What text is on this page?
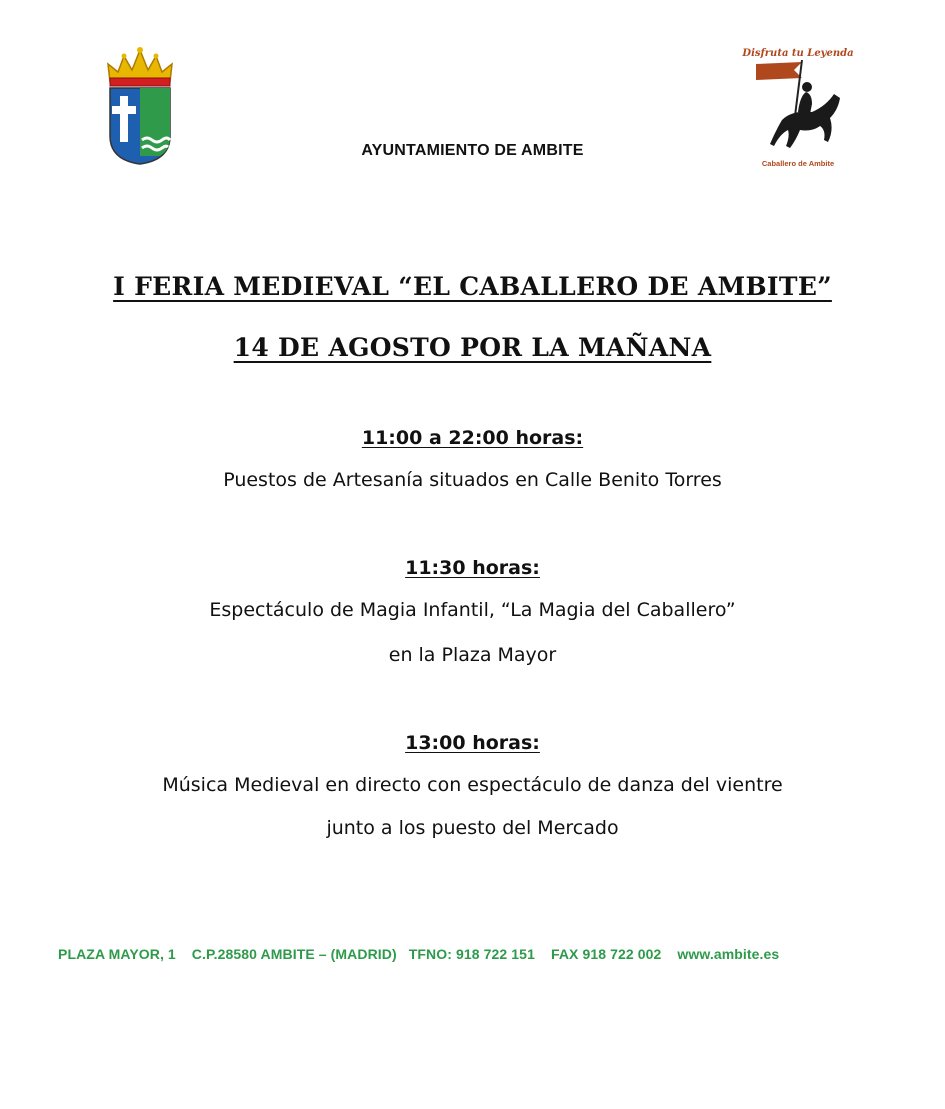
Disfruta tu Leyenda
Caballero de Ambite
AYUNTAMIENTO DE AMBITE
I FERIA MEDIEVAL “EL CABALLERO DE AMBITE”
14 DE AGOSTO POR LA MAÑANA
11:00 a 22:00 horas:
Puestos de Artesanía situados en Calle Benito Torres
11:30 horas:
Espectáculo de Magia Infantil, “La Magia del Caballero”
en la Plaza Mayor
13:00 horas:
Música Medieval en directo con espectáculo de danza del vientre
junto a los puesto del Mercado
PLAZA MAYOR, 1 C.P.28580 AMBITE – (MADRID) TFNO: 918 722 151 FAX 918 722 002 www.ambite.es
